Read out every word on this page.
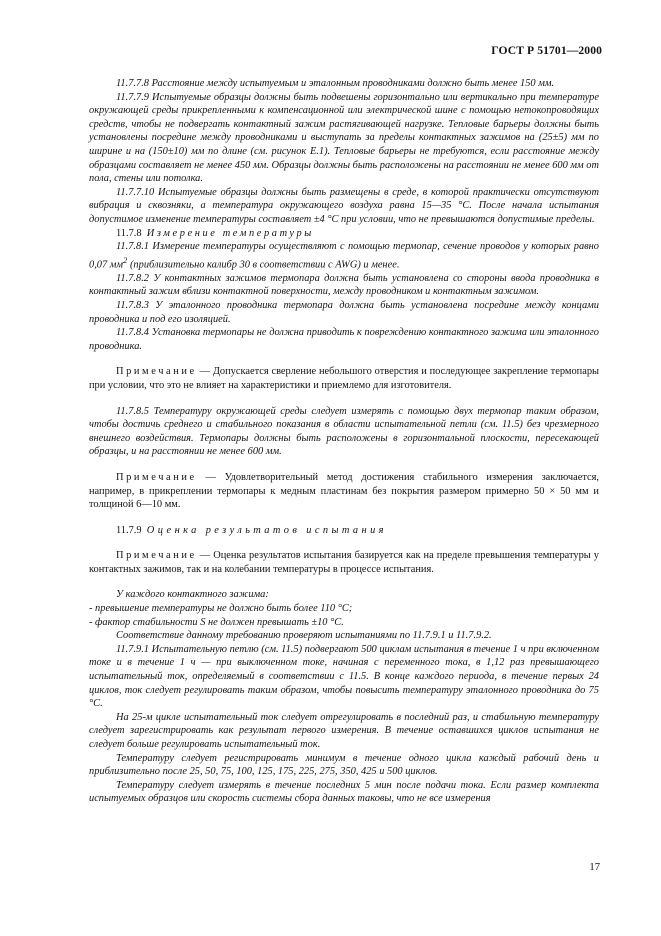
ГОСТ Р 51701—2000

11.7.7.8 Расстояние между испытуемым и эталонным проводниками должно быть менее 150 мм.

11.7.7.9 Испытуемые образцы должны быть подвешены горизонтально или вертикально при температуре окружающей среды прикрепленными к компенсационной или электрической шине с помощью нетокопроводящих средств, чтобы не подвергать контактный зажим растягивающей нагрузке. Тепловые барьеры должны быть установлены посредине между проводниками и выступать за пределы контактных зажимов на (25±5) мм по ширине и на (150±10) мм по длине (см. рисунок Е.1). Тепловые барьеры не требуются, если расстояние между образцами составляет не менее 450 мм. Образцы должны быть расположены на расстоянии не менее 600 мм от пола, стены или потолка.

11.7.7.10 Испытуемые образцы должны быть размещены в среде, в которой практически отсутствуют вибрация и сквозняки, а температура окружающего воздуха равна 15—35 °С. После начала испытания допустимое изменение температуры составляет ±4 °С при условии, что не превышаются допустимые пределы.

11.7.8 Измерение температуры

11.7.8.1 Измерение температуры осуществляют с помощью термопар, сечение проводов у которых равно 0,07 $мм^2$ (приблизительно калибр 30 в соответствии с AWG) и менее.

11.7.8.2 У контактных зажимов термопара должна быть установлена со стороны ввода проводника в контактный зажим вблизи контактной поверхности, между проводником и контактным зажимом.

11.7.8.3 У эталонного проводника термопара должна быть установлена посредине между концами проводника и под его изоляцией.

11.7.8.4 Установка термопары не должна приводить к повреждению контактного зажима или эталонного проводника.

Примечание — Допускается сверление небольшого отверстия и последующее закрепление термопары при условии, что это не влияет на характеристики и приемлемо для изготовителя.

11.7.8.5 Температуру окружающей среды следует измерять с помощью двух термопар таким образом, чтобы достичь среднего и стабильного показания в области испытательной петли (см. 11.5) без чрезмерного внешнего воздействия. Термопары должны быть расположены в горизонтальной плоскости, пересекающей образцы, и на расстоянии не менее 600 мм.

Примечание — Удовлетворительный метод достижения стабильного измерения заключается, например, в прикреплении термопары к медным пластинам без покрытия размером примерно 50 × 50 мм и толщиной 6—10 мм.

11.7.9 Оценка результатов испытания

Примечание — Оценка результатов испытания базируется как на пределе превышения температуры у контактных зажимов, так и на колебании температуры в процессе испытания.

У каждого контактного зажима:

- превышение температуры не должно быть более 110 °С;

- фактор стабильности S не должен превышать ±10 °С.

Соответствие данному требованию проверяют испытаниями по 11.7.9.1 и 11.7.9.2.

11.7.9.1 Испытательную петлю (см. 11.5) подвергают 500 циклам испытания в течение 1 ч при включенном токе и в течение 1 ч — при выключенном токе, начиная с переменного тока, в 1,12 раз превышающего испытательный ток, определяемый в соответствии с 11.5. В конце каждого периода, в течение первых 24 циклов, ток следует регулировать таким образом, чтобы повысить температуру эталонного проводника до 75 °С.

На 25-м цикле испытательный ток следует отрегулировать в последний раз, и стабильную температуру следует зарегистрировать как результат первого измерения. В течение оставшихся циклов испытания не следует больше регулировать испытательный ток.

Температуру следует регистрировать минимум в течение одного цикла каждый рабочий день и приблизительно после 25, 50, 75, 100, 125, 175, 225, 275, 350, 425 и 500 циклов.

Температуру следует измерять в течение последних 5 мин после подачи тока. Если размер комплекта испытуемых образцов или скорость системы сбора данных таковы, что не все измерения

17
